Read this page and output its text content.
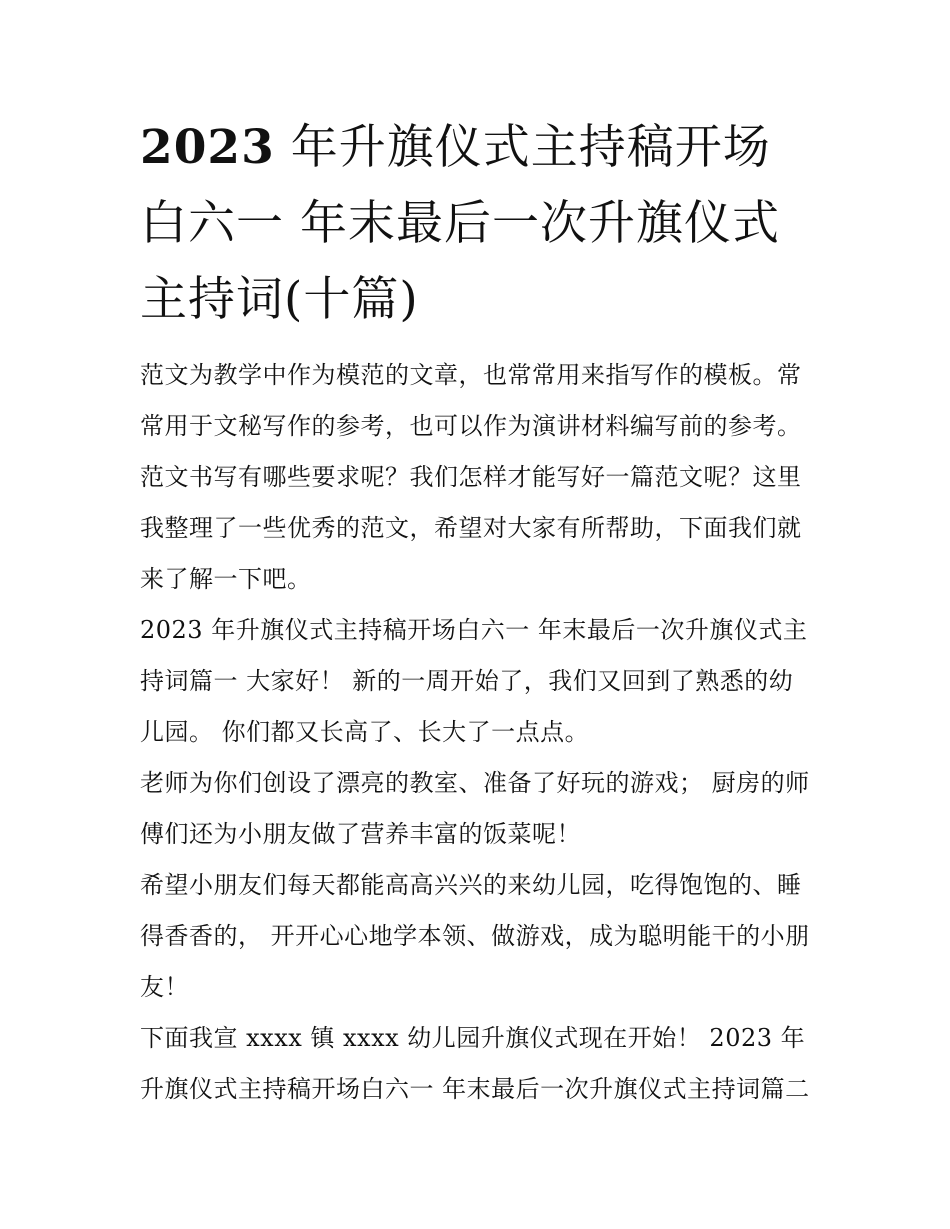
2023 年升旗仪式主持稿开场白六一 年末最后一次升旗仪式主持词(十篇)

范文为教学中作为模范的文章，也常常用来指写作的模板。常常用于文秘写作的参考，也可以作为演讲材料编写前的参考。范文书写有哪些要求呢？我们怎样才能写好一篇范文呢？这里我整理了一些优秀的范文，希望对大家有所帮助，下面我们就来了解一下吧。

2023 年升旗仪式主持稿开场白六一 年末最后一次升旗仪式主持词篇一 大家好！ 新的一周开始了，我们又回到了熟悉的幼儿园。 你们都又长高了、长大了一点点。

老师为你们创设了漂亮的教室、准备了好玩的游戏； 厨房的师傅们还为小朋友做了营养丰富的饭菜呢！

希望小朋友们每天都能高高兴兴的来幼儿园，吃得饱饱的、睡得香香的， 开开心心地学本领、做游戏，成为聪明能干的小朋友！

下面我宣 xxxx 镇 xxxx 幼儿园升旗仪式现在开始！ 2023 年升旗仪式主持稿开场白六一 年末最后一次升旗仪式主持词篇二
